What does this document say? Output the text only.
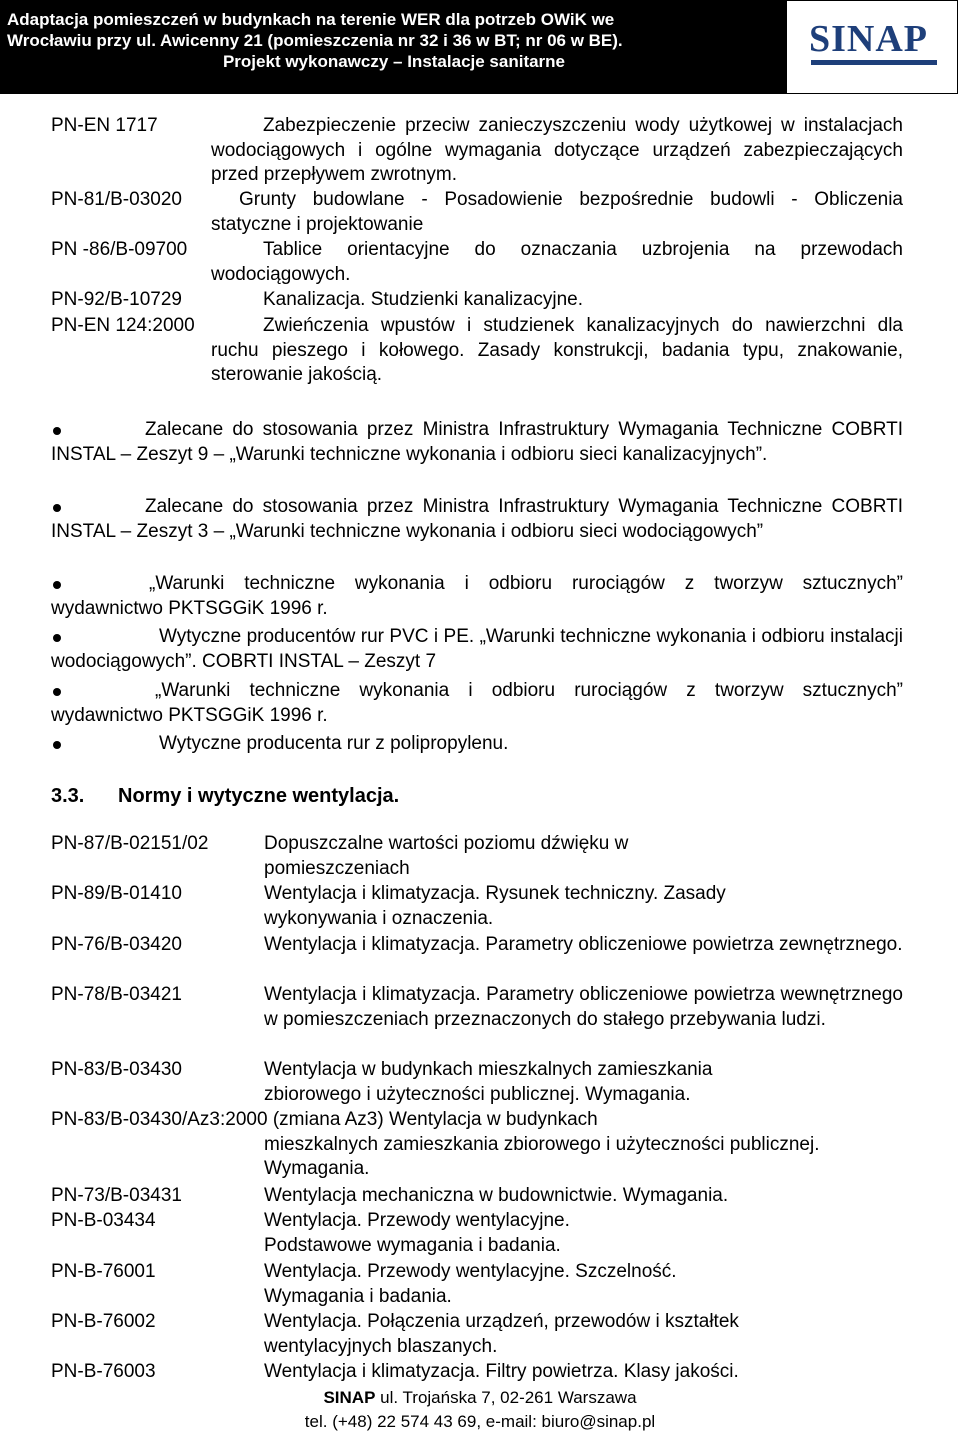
Adaptacja pomieszczeń w budynkach na terenie WER dla potrzeb OWiK we
Wrocławiu przy ul. Awicenny 21 (pomieszczenia nr 32 i 36 w BT; nr 06 w BE).
Projekt wykonawczy – Instalacje sanitarne
SINAP
PN-EN 1717	Zabezpieczenie przeciw zanieczyszczeniu wody użytkowej w instalacjach wodociągowych i ogólne wymagania dotyczące urządzeń zabezpieczających przed przepływem zwrotnym.
PN-81/B-03020	Grunty budowlane - Posadowienie bezpośrednie budowli - Obliczenia statyczne i projektowanie
PN -86/B-09700	Tablice orientacyjne do oznaczania uzbrojenia na przewodach wodociągowych.
PN-92/B-10729	Kanalizacja. Studzienki kanalizacyjne.
PN-EN 124:2000	Zwieńczenia wpustów i studzienek kanalizacyjnych do nawierzchni dla ruchu pieszego i kołowego. Zasady konstrukcji, badania typu, znakowanie, sterowanie jakością.
Zalecane do stosowania przez Ministra Infrastruktury Wymagania Techniczne COBRTI INSTAL – Zeszyt 9 – „Warunki techniczne wykonania i odbioru sieci kanalizacyjnych”.
Zalecane do stosowania przez Ministra Infrastruktury Wymagania Techniczne COBRTI INSTAL – Zeszyt 3 – „Warunki techniczne wykonania i odbioru sieci wodociągowych”
„Warunki techniczne wykonania i odbioru rurociągów z tworzyw sztucznych” wydawnictwo PKTSGGiK 1996 r.
Wytyczne producentów rur PVC i PE. „Warunki techniczne wykonania i odbioru instalacji wodociągowych”. COBRTI INSTAL – Zeszyt 7
„Warunki techniczne wykonania i odbioru rurociągów z tworzyw sztucznych” wydawnictwo PKTSGGiK 1996 r.
Wytyczne producenta rur z polipropylenu.
3.3. Normy i wytyczne wentylacja.
PN-87/B-02151/02	Dopuszczalne wartości poziomu dźwięku w pomieszczeniach
PN-89/B-01410	Wentylacja i klimatyzacja. Rysunek techniczny. Zasady wykonywania i oznaczenia.
PN-76/B-03420	Wentylacja i klimatyzacja. Parametry obliczeniowe powietrza zewnętrznego.
PN-78/B-03421	Wentylacja i klimatyzacja. Parametry obliczeniowe powietrza wewnętrznego w pomieszczeniach przeznaczonych do stałego przebywania ludzi.
PN-83/B-03430	Wentylacja w budynkach mieszkalnych zamieszkania zbiorowego i użyteczności publicznej. Wymagania.
PN-83/B-03430/Az3:2000 (zmiana Az3) Wentylacja w budynkach
mieszkalnych zamieszkania zbiorowego i użyteczności publicznej. Wymagania.
PN-73/B-03431	Wentylacja mechaniczna w budownictwie. Wymagania.
PN-B-03434	Wentylacja. Przewody wentylacyjne. Podstawowe wymagania i badania.
PN-B-76001	Wentylacja. Przewody wentylacyjne. Szczelność. Wymagania i badania.
PN-B-76002	Wentylacja. Połączenia urządzeń, przewodów i kształtek wentylacyjnych blaszanych.
PN-B-76003	Wentylacja i klimatyzacja. Filtry powietrza. Klasy jakości.
SINAP ul. Trojańska 7, 02-261 Warszawa
tel. (+48) 22 574 43 69, e-mail: biuro@sinap.pl
